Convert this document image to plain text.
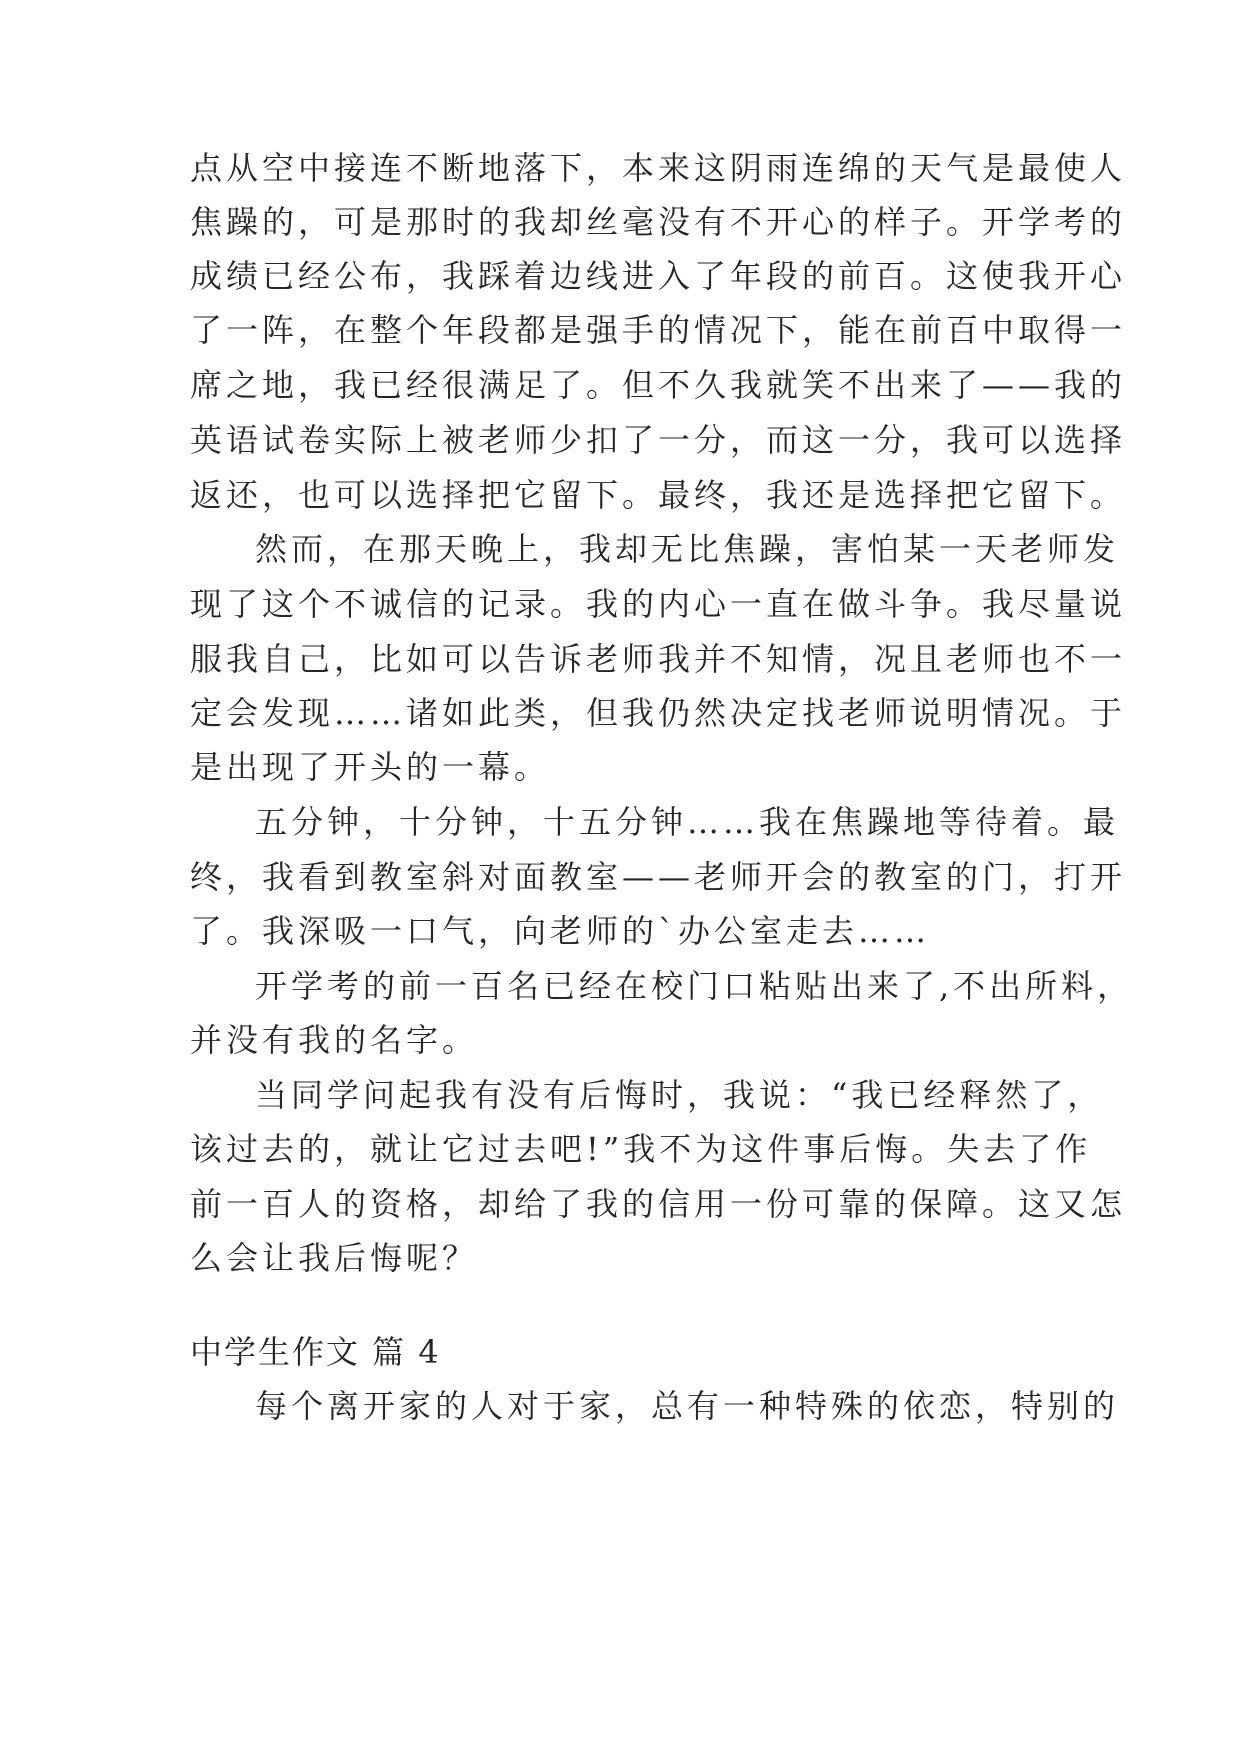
点从空中接连不断地落下，本来这阴雨连绵的天气是最使人
焦躁的，可是那时的我却丝毫没有不开心的样子。开学考的
成绩已经公布，我踩着边线进入了年段的前百。这使我开心
了一阵，在整个年段都是强手的情况下，能在前百中取得一
席之地，我已经很满足了。但不久我就笑不出来了——我的
英语试卷实际上被老师少扣了一分，而这一分，我可以选择
返还，也可以选择把它留下。最终，我还是选择把它留下。
然而，在那天晚上，我却无比焦躁，害怕某一天老师发
现了这个不诚信的记录。我的内心一直在做斗争。我尽量说
服我自己，比如可以告诉老师我并不知情，况且老师也不一
定会发现……诸如此类，但我仍然决定找老师说明情况。于
是出现了开头的一幕。
五分钟，十分钟，十五分钟……我在焦躁地等待着。最
终，我看到教室斜对面教室——老师开会的教室的门，打开
了。我深吸一口气，向老师的`办公室走去……
开学考的前一百名已经在校门口粘贴出来了,不出所料，
并没有我的名字。
当同学问起我有没有后悔时，我说：“我已经释然了，
该过去的，就让它过去吧!”我不为这件事后悔。失去了作
前一百人的资格，却给了我的信用一份可靠的保障。这又怎
么会让我后悔呢？
中学生作文 篇 4
每个离开家的人对于家，总有一种特殊的依恋，特别的
